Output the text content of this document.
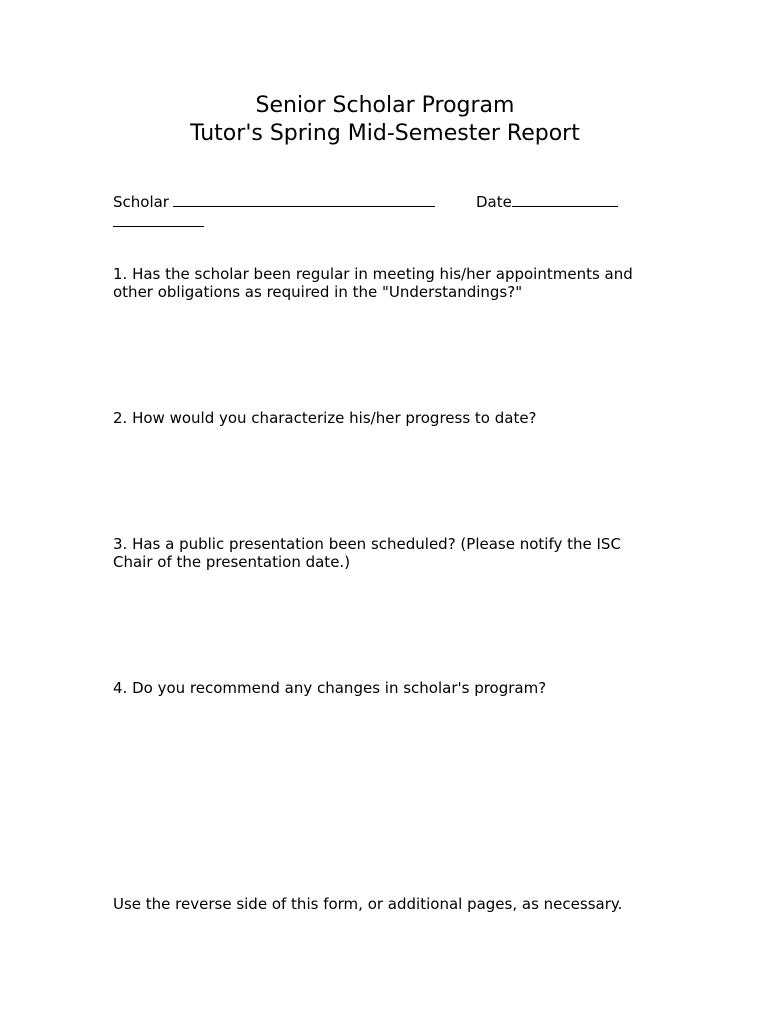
Senior Scholar Program
Tutor's Spring Mid-Semester Report
Scholar	Date

1. Has the scholar been regular in meeting his/her appointments and other obligations as required in the "Understandings?"

2. How would you characterize his/her progress to date?

3. Has a public presentation been scheduled? (Please notify the ISC Chair of the presentation date.)

4. Do you recommend any changes in scholar's program?

Use the reverse side of this form, or additional pages, as necessary.
